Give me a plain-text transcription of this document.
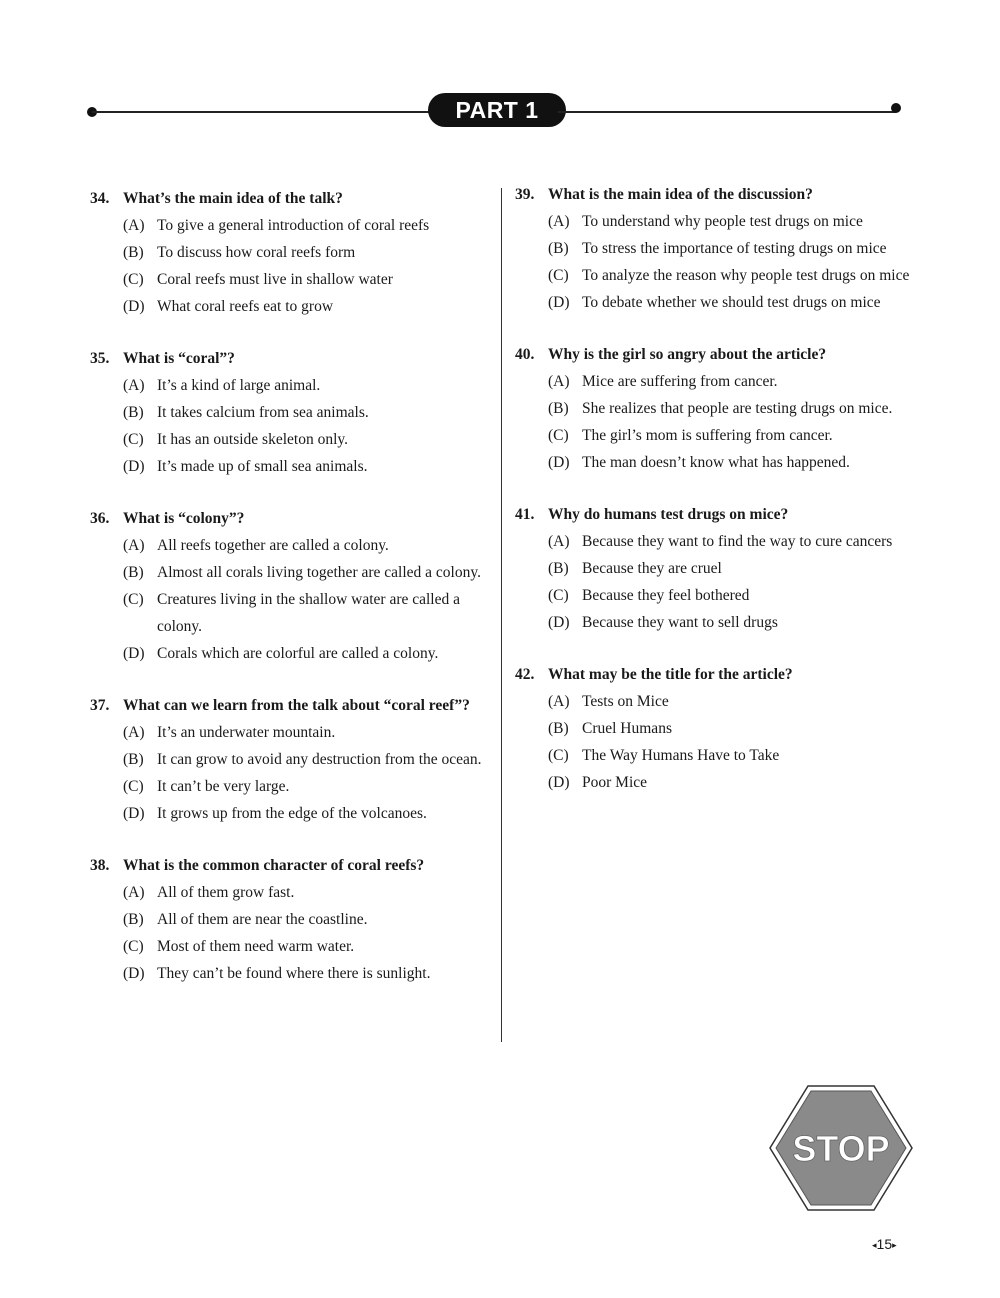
PART 1
34. What’s the main idea of the talk?
(A) To give a general introduction of coral reefs
(B) To discuss how coral reefs form
(C) Coral reefs must live in shallow water
(D) What coral reefs eat to grow
35. What is “coral”?
(A) It’s a kind of large animal.
(B) It takes calcium from sea animals.
(C) It has an outside skeleton only.
(D) It’s made up of small sea animals.
36. What is “colony”?
(A) All reefs together are called a colony.
(B) Almost all corals living together are called a colony.
(C) Creatures living in the shallow water are called a colony.
(D) Corals which are colorful are called a colony.
37. What can we learn from the talk about “coral reef”?
(A) It’s an underwater mountain.
(B) It can grow to avoid any destruction from the ocean.
(C) It can’t be very large.
(D) It grows up from the edge of the volcanoes.
38. What is the common character of coral reefs?
(A) All of them grow fast.
(B) All of them are near the coastline.
(C) Most of them need warm water.
(D) They can’t be found where there is sunlight.
39. What is the main idea of the discussion?
(A) To understand why people test drugs on mice
(B) To stress the importance of testing drugs on mice
(C) To analyze the reason why people test drugs on mice
(D) To debate whether we should test drugs on mice
40. Why is the girl so angry about the article?
(A) Mice are suffering from cancer.
(B) She realizes that people are testing drugs on mice.
(C) The girl’s mom is suffering from cancer.
(D) The man doesn’t know what has happened.
41. Why do humans test drugs on mice?
(A) Because they want to find the way to cure cancers
(B) Because they are cruel
(C) Because they feel bothered
(D) Because they want to sell drugs
42. What may be the title for the article?
(A) Tests on Mice
(B) Cruel Humans
(C) The Way Humans Have to Take
(D) Poor Mice
STOP
◂15▸
